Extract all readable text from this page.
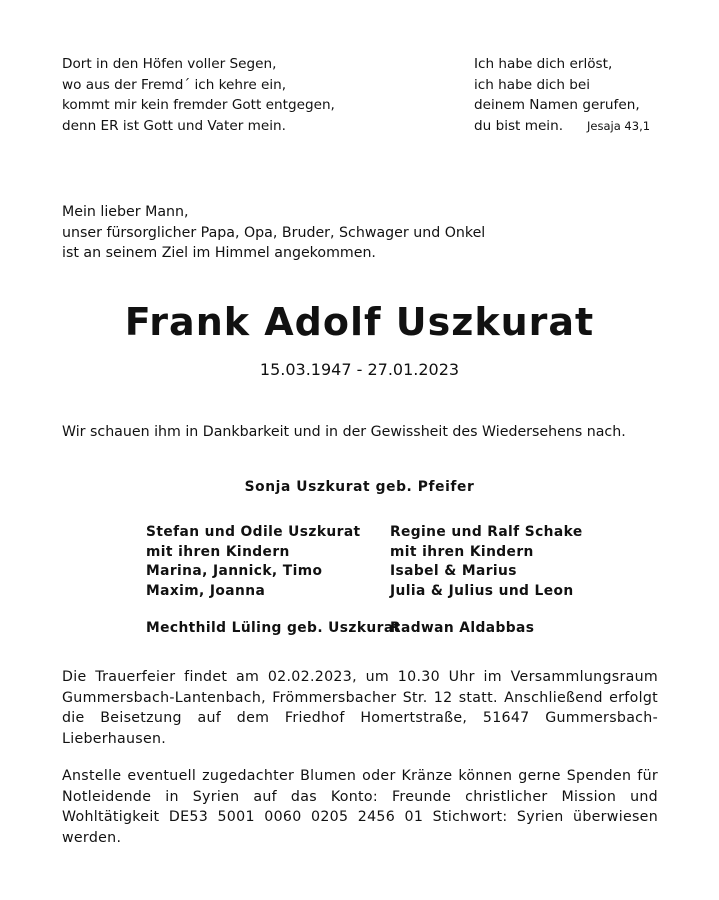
Dort in den Höfen voller Segen,
wo aus der Fremd´ ich kehre ein,
kommt mir kein fremder Gott entgegen,
denn ER ist Gott und Vater mein.
Ich habe dich erlöst,
ich habe dich bei
deinem Namen gerufen,
du bist mein. Jesaja 43,1
Mein lieber Mann,
unser fürsorglicher Papa, Opa, Bruder, Schwager und Onkel
ist an seinem Ziel im Himmel angekommen.
Frank Adolf Uszkurat
15.03.1947 - 27.01.2023
Wir schauen ihm in Dankbarkeit und in der Gewissheit des Wiedersehens nach.
Sonja Uszkurat geb. Pfeifer
Stefan und Odile Uszkurat
mit ihren Kindern
Marina, Jannick, Timo
Maxim, Joanna
Regine und Ralf Schake
mit ihren Kindern
Isabel & Marius
Julia & Julius und Leon
Mechthild Lüling geb. Uszkurat
Radwan Aldabbas
Die Trauerfeier findet am 02.02.2023, um 10.30 Uhr im Versammlungsraum Gummersbach-Lantenbach, Frömmersbacher Str. 12 statt. Anschließend erfolgt die Beisetzung auf dem Friedhof Homertstraße, 51647 Gummersbach-Lieberhausen.
Anstelle eventuell zugedachter Blumen oder Kränze können gerne Spenden für Notleidende in Syrien auf das Konto: Freunde christlicher Mission und Wohltätigkeit DE53 5001 0060 0205 2456 01 Stichwort: Syrien überwiesen werden.
